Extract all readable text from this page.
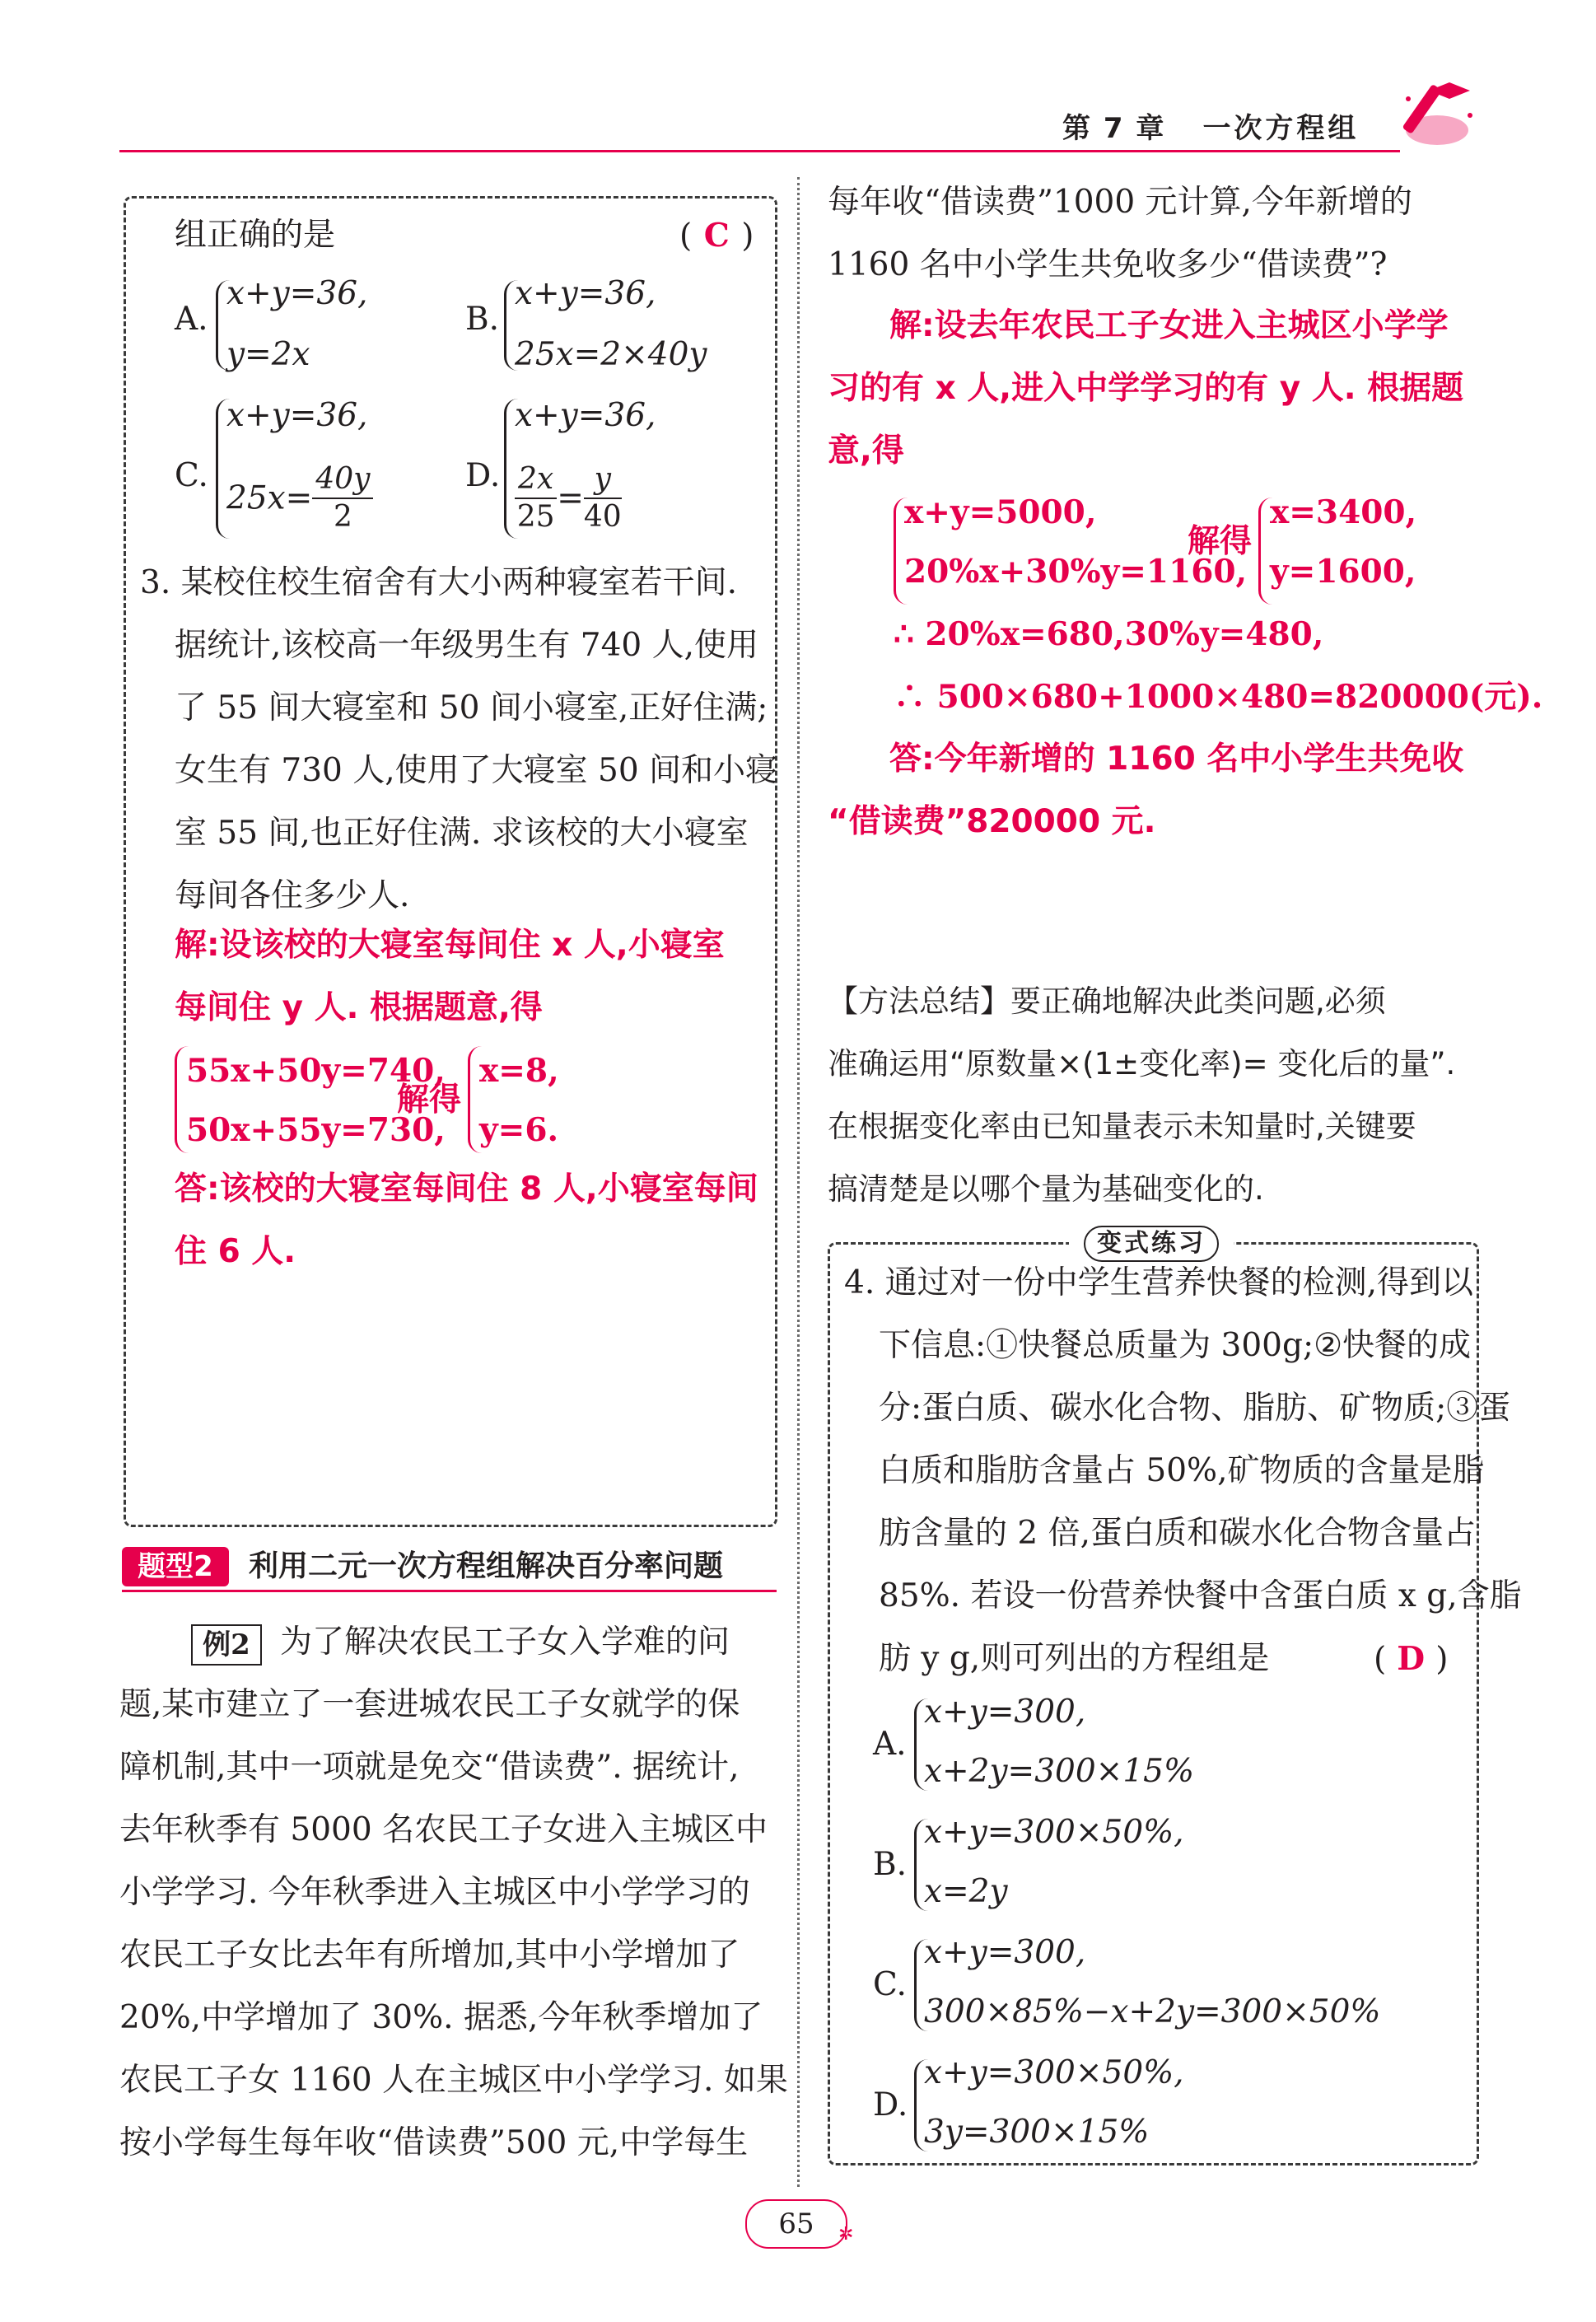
第 7 章 一次方程组
组正确的是	( C )
A.
x+y=36,
y=2x
B.
x+y=36,
25x=2×40y
C.
x+y=36,
$25x= \frac{40y}{2}$	D.
x+y=36,
$\frac{2x}{25} = \frac{y}{40}$
3. 某校住校生宿舍有大小两种寝室若干间.
据统计,该校高一年级男生有 740 人,使用
了 55 间大寝室和 50 间小寝室,正好住满;
女生有 730 人,使用了大寝室 50 间和小寝
室 55 间,也正好住满. 求该校的大小寝室
每间各住多少人.
解:设该校的大寝室每间住 x 人,小寝室
每间住 y 人. 根据题意,得
55x+50y=740,
50x+55y=730,
解得
x=8,
y=6.
答:该校的大寝室每间住 8 人,小寝室每间
住 6 人.
题型2	利用二元一次方程组解决百分率问题
例2 为了解决农民工子女入学难的问
题,某市建立了一套进城农民工子女就学的保
障机制,其中一项就是免交“借读费”. 据统计,
去年秋季有 5000 名农民工子女进入主城区中
小学学习. 今年秋季进入主城区中小学学习的
农民工子女比去年有所增加,其中小学增加了
20%,中学增加了 30%. 据悉,今年秋季增加了
农民工子女 1160 人在主城区中小学学习. 如果
按小学每生每年收“借读费”500 元,中学每生
每年收“借读费”1000 元计算,今年新增的
1160 名中小学生共免收多少“借读费”?
解:设去年农民工子女进入主城区小学学
习的有 x 人,进入中学学习的有 y 人. 根据题
意,得
x+y=5000,
20%x+30%y=1160,
解得
x=3400,
y=1600,
∴ 20%x=680,30%y=480,
∴ 500×680+1000×480=820000(元).
答:今年新增的 1160 名中小学生共免收
“借读费”820000 元.
【方法总结】要正确地解决此类问题,必须
准确运用“原数量×(1±变化率)= 变化后的量”.
在根据变化率由已知量表示未知量时,关键要
搞清楚是以哪个量为基础变化的.
变式练习
4. 通过对一份中学生营养快餐的检测,得到以
下信息:①快餐总质量为 300g;②快餐的成
分:蛋白质、碳水化合物、脂肪、矿物质;③蛋
白质和脂肪含量占 50%,矿物质的含量是脂
肪含量的 2 倍,蛋白质和碳水化合物含量占
85%. 若设一份营养快餐中含蛋白质 x g,含脂
肪 y g,则可列出的方程组是	( D )
A.
x+y=300,
x+2y=300×15%
B.
x+y=300×50%,
x=2y
C.
x+y=300,
300×85%−x+2y=300×50%
D.
x+y=300×50%,
3y=300×15%
65	✲
